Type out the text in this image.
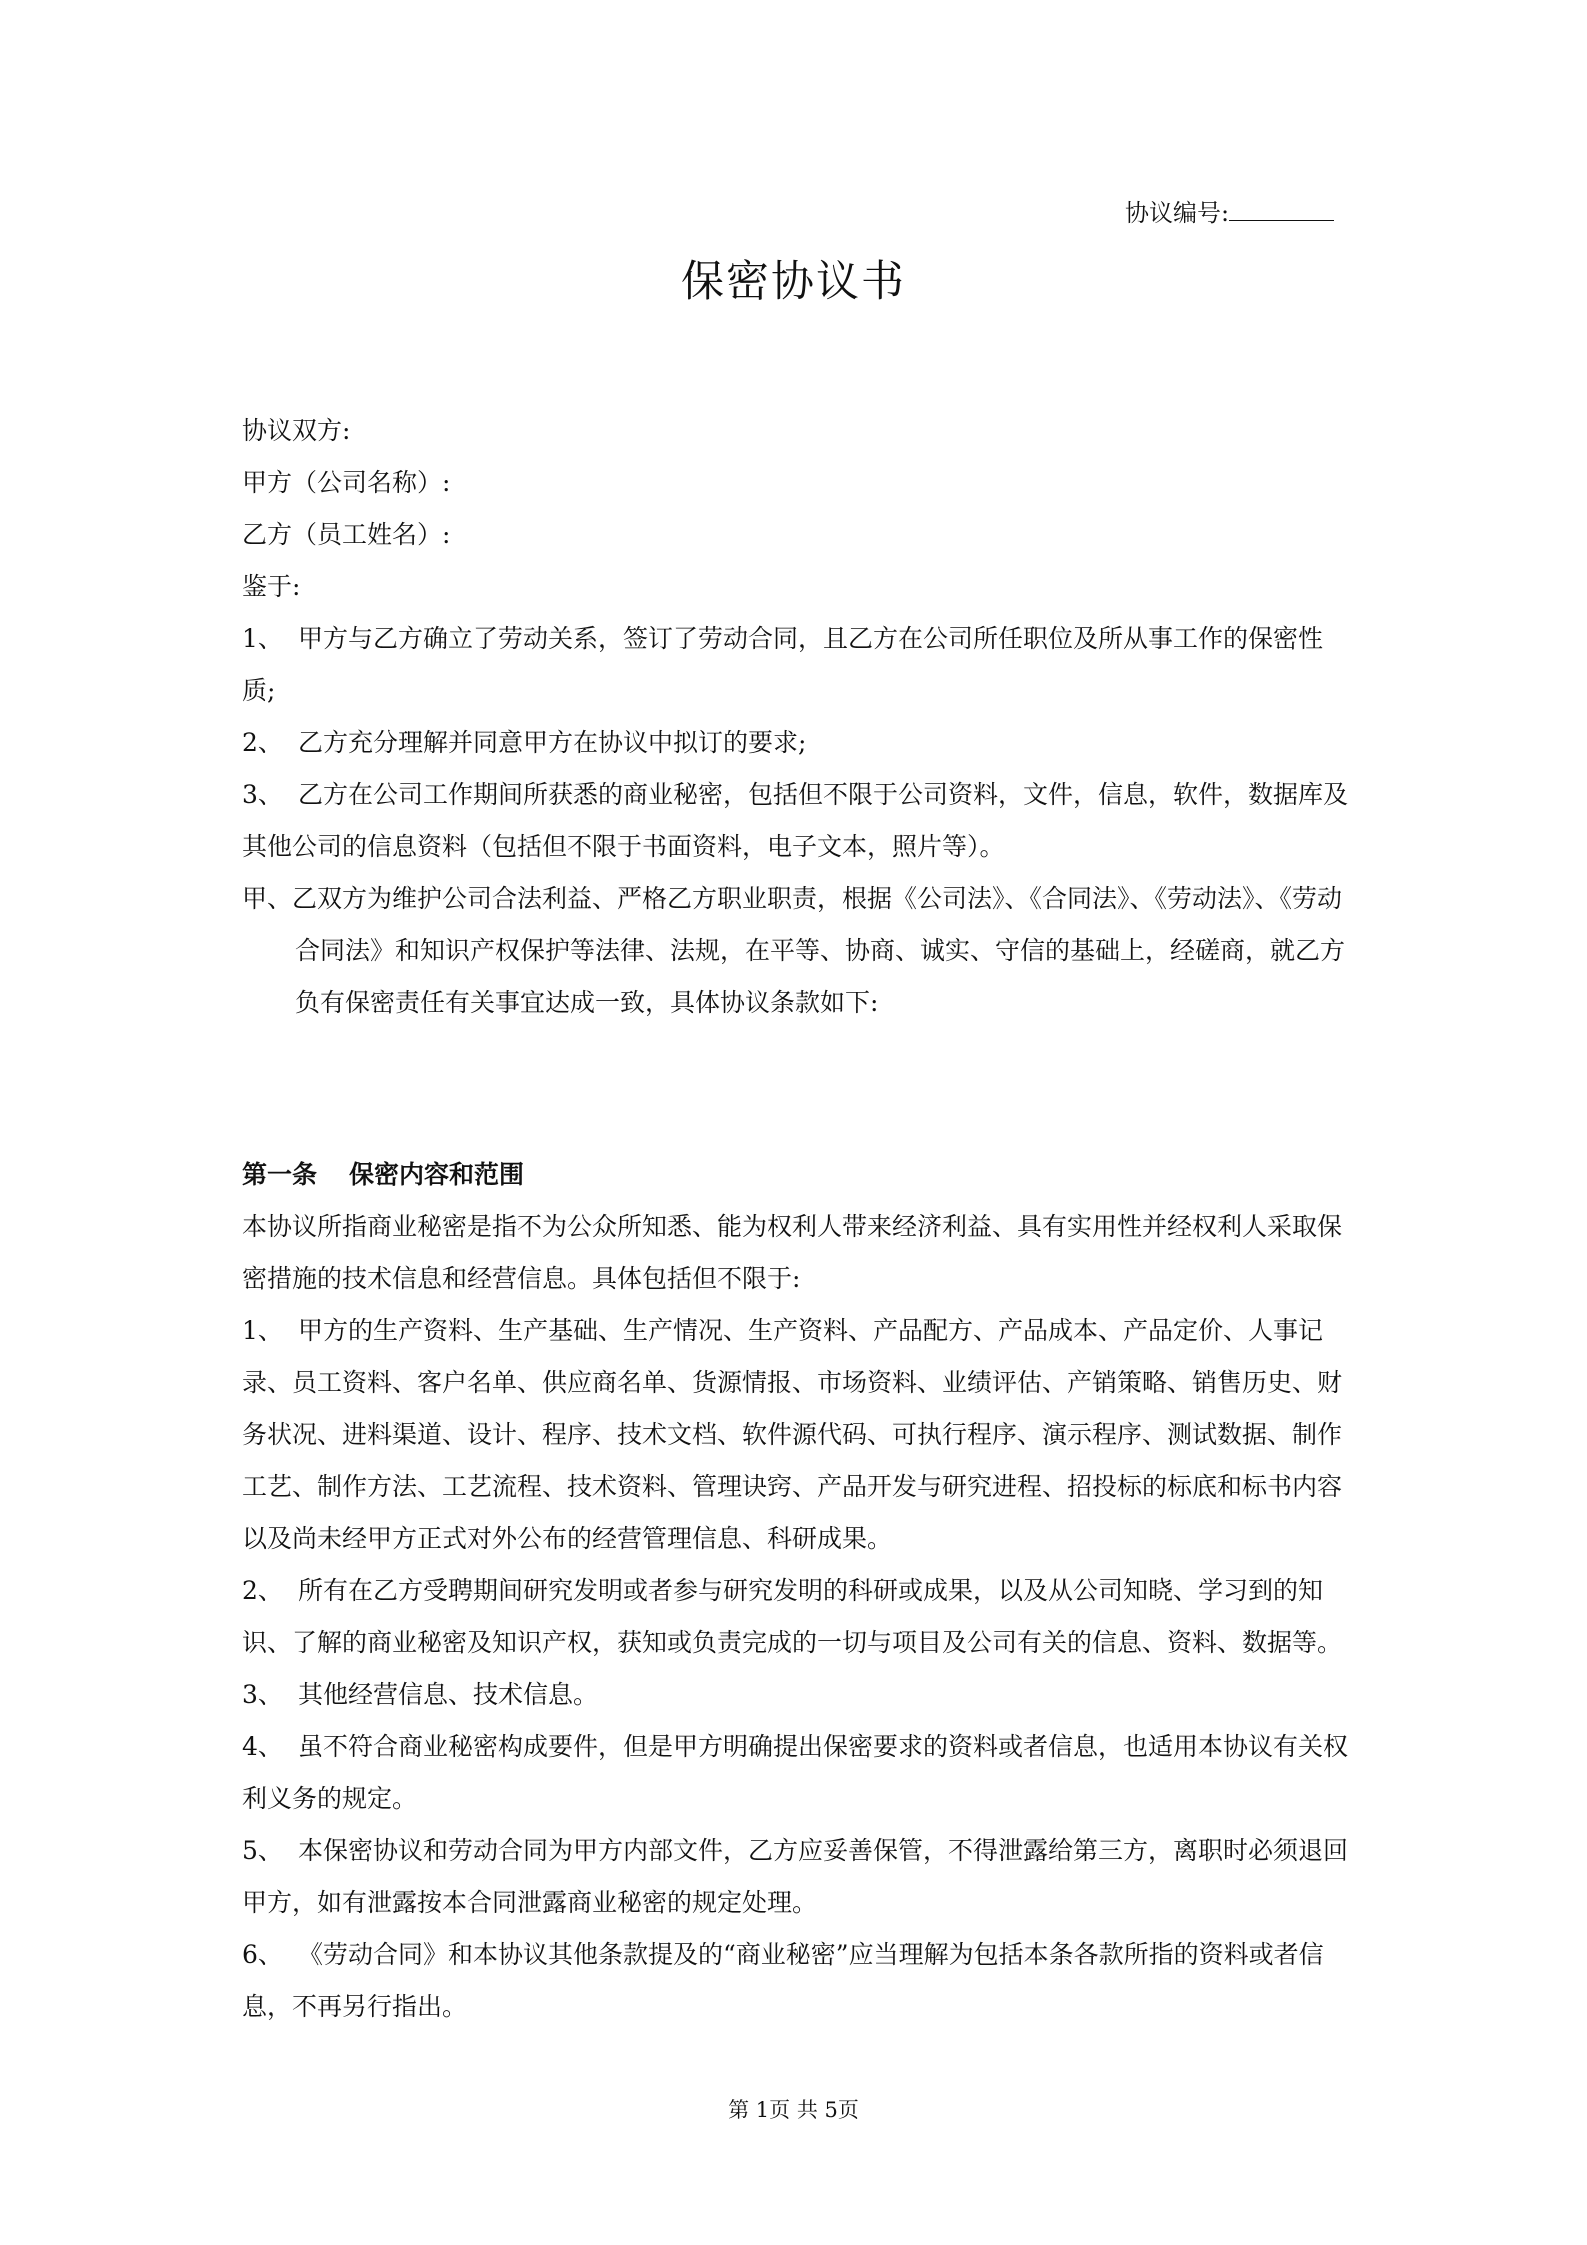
协议编号:
保密协议书

协议双方:

甲方（公司名称）:

乙方（员工姓名）:

鉴于:

1、 甲方与乙方确立了劳动关系，签订了劳动合同，且乙方在公司所任职位及所从事工作的保密性质;

2、 乙方充分理解并同意甲方在协议中拟订的要求;

3、 乙方在公司工作期间所获悉的商业秘密，包括但不限于公司资料，文件，信息，软件，数据库及其他公司的信息资料（包括但不限于书面资料，电子文本，照片等）。

甲、乙双方为维护公司合法利益、严格乙方职业职责，根据《公司法》、《合同法》、《劳动法》、《劳动合同法》和知识产权保护等法律、法规，在平等、协商、诚实、守信的基础上，经磋商，就乙方负有保密责任有关事宜达成一致，具体协议条款如下:

第一条 保密内容和范围

本协议所指商业秘密是指不为公众所知悉、能为权利人带来经济利益、具有实用性并经权利人采取保密措施的技术信息和经营信息。具体包括但不限于:

1、 甲方的生产资料、生产基础、生产情况、生产资料、产品配方、产品成本、产品定价、人事记录、员工资料、客户名单、供应商名单、货源情报、市场资料、业绩评估、产销策略、销售历史、财务状况、进料渠道、设计、程序、技术文档、软件源代码、可执行程序、演示程序、测试数据、制作工艺、制作方法、工艺流程、技术资料、管理诀窍、产品开发与研究进程、招投标的标底和标书内容以及尚未经甲方正式对外公布的经营管理信息、科研成果。

2、 所有在乙方受聘期间研究发明或者参与研究发明的科研或成果，以及从公司知晓、学习到的知识、了解的商业秘密及知识产权，获知或负责完成的一切与项目及公司有关的信息、资料、数据等。

3、 其他经营信息、技术信息。

4、 虽不符合商业秘密构成要件，但是甲方明确提出保密要求的资料或者信息，也适用本协议有关权利义务的规定。

5、 本保密协议和劳动合同为甲方内部文件，乙方应妥善保管，不得泄露给第三方，离职时必须退回甲方，如有泄露按本合同泄露商业秘密的规定处理。

6、 《劳动合同》和本协议其他条款提及的“商业秘密”应当理解为包括本条各款所指的资料或者信息，不再另行指出。

第 1页 共 5页
